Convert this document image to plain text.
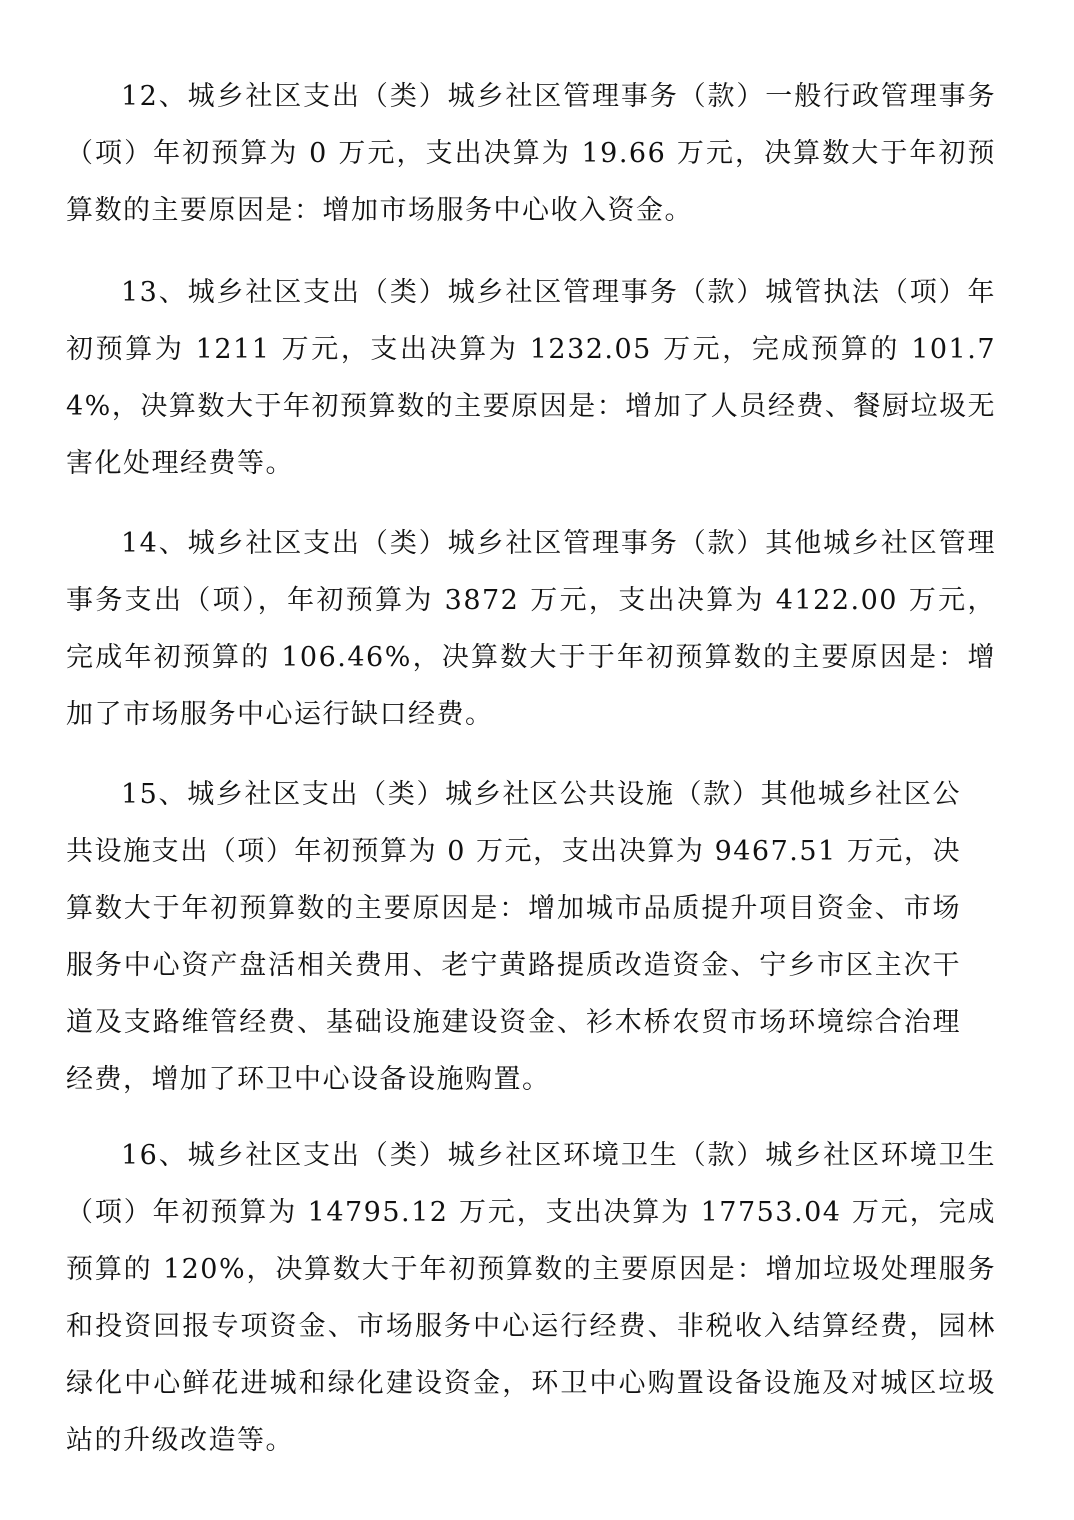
12、城乡社区支出（类）城乡社区管理事务（款）一般行政管理事务（项）年初预算为 0 万元，支出决算为 19.66 万元，决算数大于年初预算数的主要原因是：增加市场服务中心收入资金。

13、城乡社区支出（类）城乡社区管理事务（款）城管执法（项）年初预算为 1211 万元，支出决算为 1232.05 万元，完成预算的 101.74%，决算数大于年初预算数的主要原因是：增加了人员经费、餐厨垃圾无害化处理经费等。

14、城乡社区支出（类）城乡社区管理事务（款）其他城乡社区管理事务支出（项），年初预算为 3872 万元，支出决算为 4122.00 万元，完成年初预算的 106.46%，决算数大于于年初预算数的主要原因是：增加了市场服务中心运行缺口经费。

15、城乡社区支出（类）城乡社区公共设施（款）其他城乡社区公共设施支出（项）年初预算为 0 万元，支出决算为 9467.51 万元，决算数大于年初预算数的主要原因是：增加城市品质提升项目资金、市场服务中心资产盘活相关费用、老宁黄路提质改造资金、宁乡市区主次干道及支路维管经费、基础设施建设资金、衫木桥农贸市场环境综合治理经费，增加了环卫中心设备设施购置。

16、城乡社区支出（类）城乡社区环境卫生（款）城乡社区环境卫生（项）年初预算为 14795.12 万元，支出决算为 17753.04 万元，完成预算的 120%，决算数大于年初预算数的主要原因是：增加垃圾处理服务和投资回报专项资金、市场服务中心运行经费、非税收入结算经费，园林绿化中心鲜花进城和绿化建设资金，环卫中心购置设备设施及对城区垃圾站的升级改造等。
